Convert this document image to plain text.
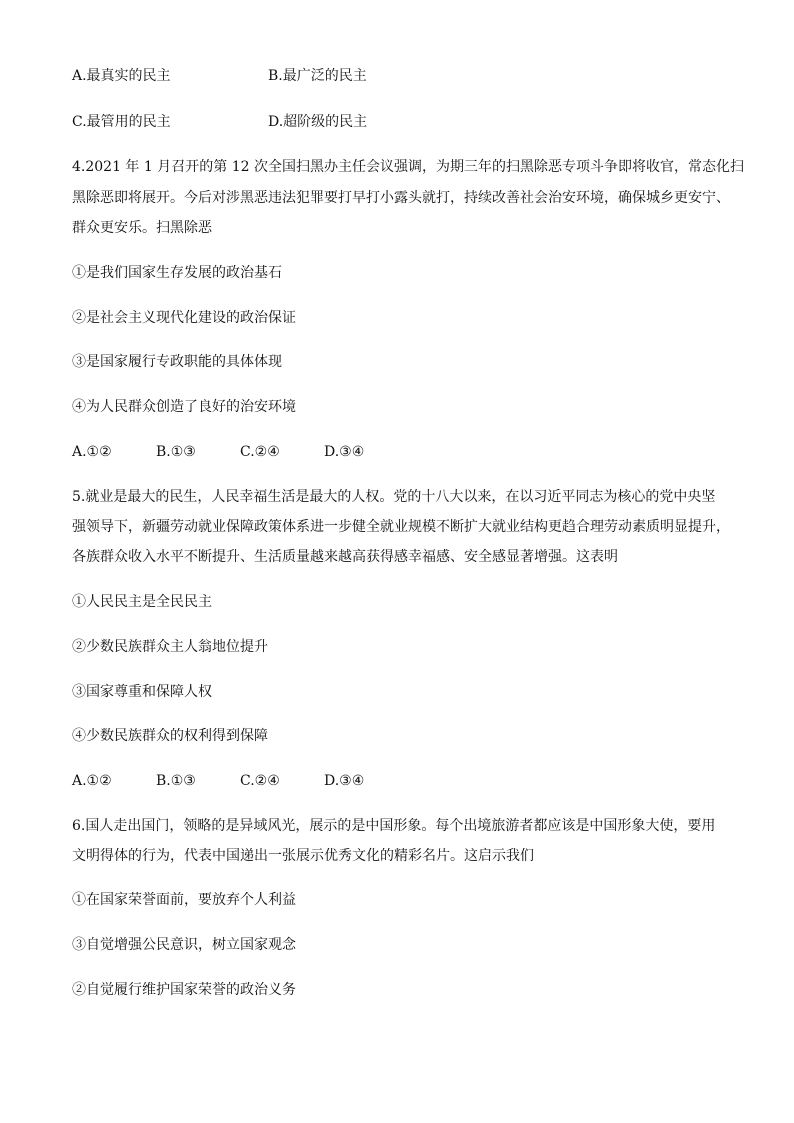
A.最真实的民主	B.最广泛的民主
C.最管用的民主	D.超阶级的民主
4.2021 年 1 月召开的第 12 次全国扫黑办主任会议强调，为期三年的扫黑除恶专项斗争即将收官，常态化扫
黑除恶即将展开。今后对涉黑恶违法犯罪要打早打小露头就打，持续改善社会治安环境，确保城乡更安宁、
群众更安乐。扫黑除恶
①是我们国家生存发展的政治基石
②是社会主义现代化建设的政治保证
③是国家履行专政职能的具体体现
④为人民群众创造了良好的治安环境
A.①②	B.①③	C.②④	D.③④
5.就业是最大的民生，人民幸福生活是最大的人权。党的十八大以来，在以习近平同志为核心的党中央坚
强领导下，新疆劳动就业保障政策体系进一步健全就业规模不断扩大就业结构更趋合理劳动素质明显提升，
各族群众收入水平不断提升、生活质量越来越高获得感幸福感、安全感显著增强。这表明
①人民民主是全民民主
②少数民族群众主人翁地位提升
③国家尊重和保障人权
④少数民族群众的权利得到保障
A.①②	B.①③	C.②④	D.③④
6.国人走出国门，领略的是异域风光，展示的是中国形象。每个出境旅游者都应该是中国形象大使，要用
文明得体的行为，代表中国递出一张展示优秀文化的精彩名片。这启示我们
①在国家荣誉面前，要放弃个人利益
③自觉增强公民意识，树立国家观念
②自觉履行维护国家荣誉的政治义务
